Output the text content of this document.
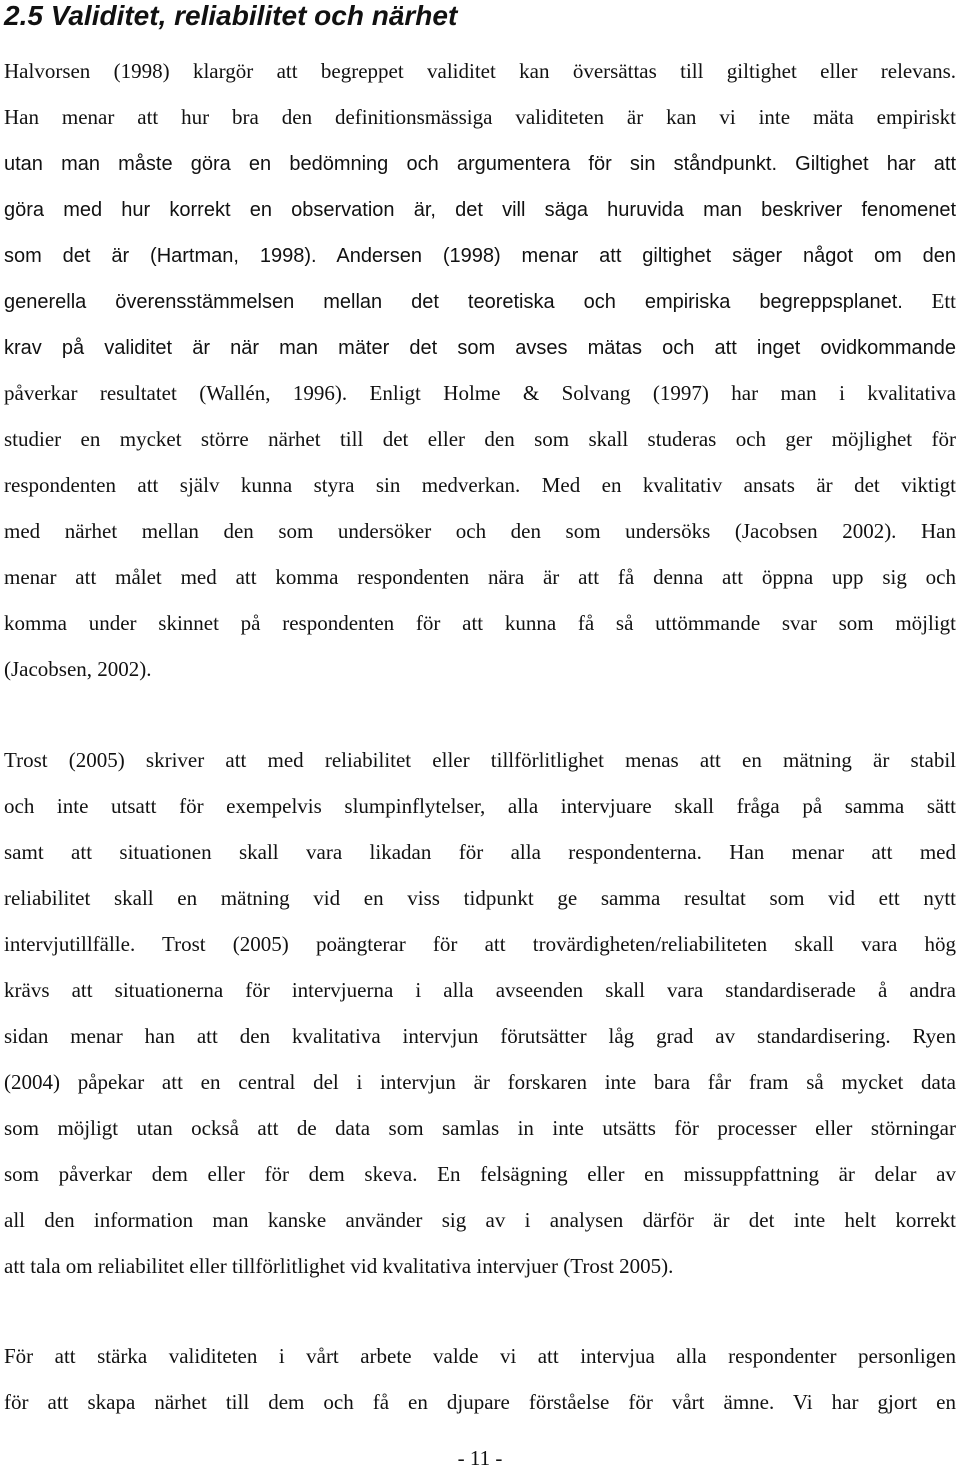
2.5 Validitet, reliabilitet och närhet
Halvorsen (1998) klargör att begreppet validitet kan översättas till giltighet eller relevans.
Han menar att hur bra den definitionsmässiga validiteten är kan vi inte mäta empiriskt
utan man måste göra en bedömning och argumentera för sin ståndpunkt. Giltighet har att
göra med hur korrekt en observation är, det vill säga huruvida man beskriver fenomenet
som det är (Hartman, 1998). Andersen (1998) menar att giltighet säger något om den
generella överensstämmelsen mellan det teoretiska och empiriska begreppsplanet. Ett
krav på validitet är när man mäter det som avses mätas och att inget ovidkommande
påverkar resultatet (Wallén, 1996). Enligt Holme & Solvang (1997) har man i kvalitativa
studier en mycket större närhet till det eller den som skall studeras och ger möjlighet för
respondenten att själv kunna styra sin medverkan. Med en kvalitativ ansats är det viktigt
med närhet mellan den som undersöker och den som undersöks (Jacobsen 2002). Han
menar att målet med att komma respondenten nära är att få denna att öppna upp sig och
komma under skinnet på respondenten för att kunna få så uttömmande svar som möjligt
(Jacobsen, 2002).
Trost (2005) skriver att med reliabilitet eller tillförlitlighet menas att en mätning är stabil
och inte utsatt för exempelvis slumpinflytelser, alla intervjuare skall fråga på samma sätt
samt att situationen skall vara likadan för alla respondenterna. Han menar att med
reliabilitet skall en mätning vid en viss tidpunkt ge samma resultat som vid ett nytt
intervjutillfälle. Trost (2005) poängterar för att trovärdigheten/reliabiliteten skall vara hög
krävs att situationerna för intervjuerna i alla avseenden skall vara standardiserade å andra
sidan menar han att den kvalitativa intervjun förutsätter låg grad av standardisering. Ryen
(2004) påpekar att en central del i intervjun är forskaren inte bara får fram så mycket data
som möjligt utan också att de data som samlas in inte utsätts för processer eller störningar
som påverkar dem eller för dem skeva. En felsägning eller en missuppfattning är delar av
all den information man kanske använder sig av i analysen därför är det inte helt korrekt
att tala om reliabilitet eller tillförlitlighet vid kvalitativa intervjuer (Trost 2005).
För att stärka validiteten i vårt arbete valde vi att intervjua alla respondenter personligen
för att skapa närhet till dem och få en djupare förståelse för vårt ämne. Vi har gjort en
- 11 -
